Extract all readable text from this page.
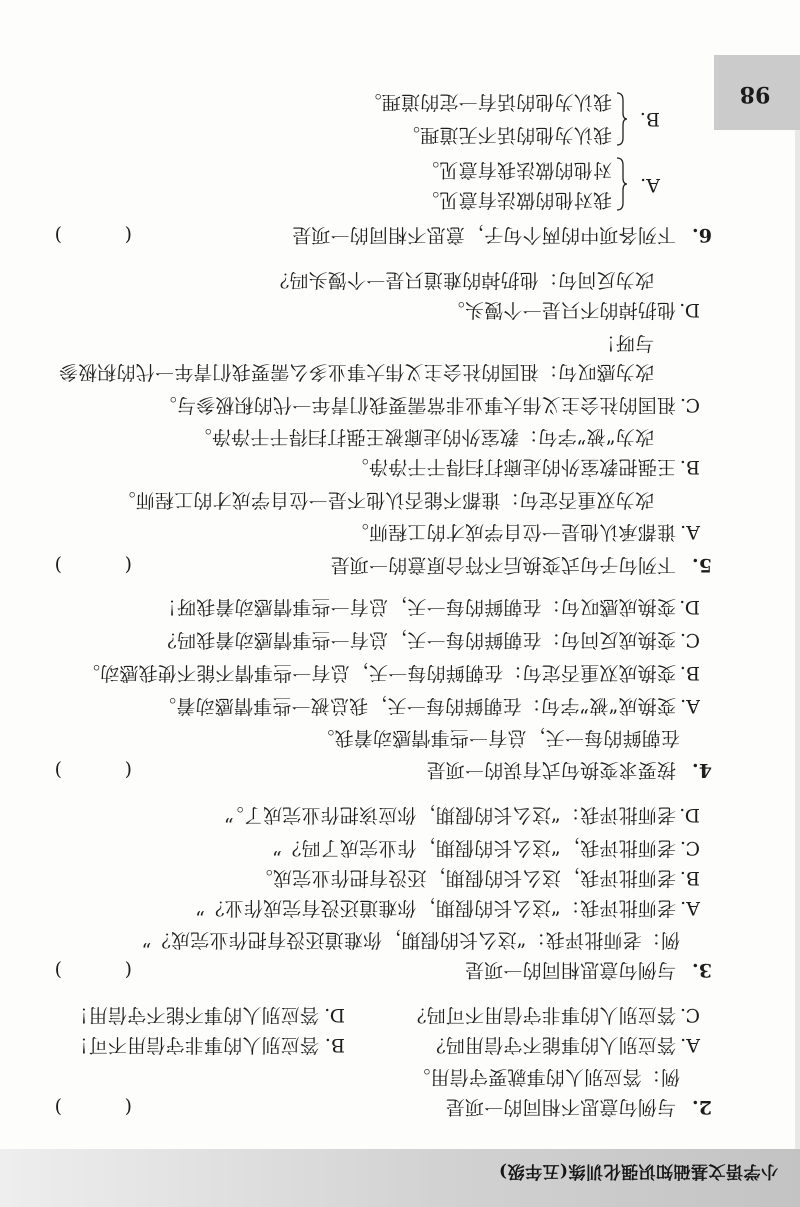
小学语文基础知识强化训练(五年级)
2.
与例句意思不相同的一项是
(          )
例：答应别人的事就要守信用。
A.
答应别人的事能不守信用吗？
B.
答应别人的事非守信用不可！
C.
答应别人的事非守信用不可吗？
D.
答应别人的事不能不守信用！
3.
与例句意思相同的一项是
(          )
例：老师批评我：“这么长的假期，你难道还没有把作业完成？”
A.
老师批评我：“这么长的假期，你难道还没有完成作业？”
B.
老师批评我，这么长的假期，还没有把作业完成。
C.
老师批评我，“这么长的假期，作业完成了吗？”
D.
老师批评我：“这么长的假期，你应该把作业完成了。”
4.
按要求变换句式有误的一项是
(          )
在朝鲜的每一天，总有一些事情感动着我。
A.
变换成“被”字句：在朝鲜的每一天，我总被一些事情感动着。
B.
变换成双重否定句：在朝鲜的每一天，总有一些事情不能不使我感动。
C.
变换成反问句：在朝鲜的每一天，总有一些事情感动着我吗？
D.
变换成感叹句：在朝鲜的每一天，总有一些事情感动着我呀！
5.
下列句子句式变换后不符合原意的一项是
(          )
A.
谁都承认他是一位自学成才的工程师。
改为双重否定句：谁都不能否认他不是一位自学成才的工程师。
B.
王强把教室外的走廊打扫得干干净净。
改为“被”字句：教室外的走廊被王强打扫得干干净净。
C.
祖国的社会主义伟大事业非常需要我们青年一代的积极参与。
改为感叹句：祖国的社会主义伟大事业多么需要我们青年一代的积极参
与呀！
D.
他扔掉的不只是一个馒头。
改为反问句：他扔掉的难道只是一个馒头吗？
6.
下列各项中的两个句子，意思不相同的一项是
(          )
A.
我对他的做法有意见。
对他的做法我有意见。
B.
我认为他的话不无道理。
我认为他的话有一定的道理。	98
